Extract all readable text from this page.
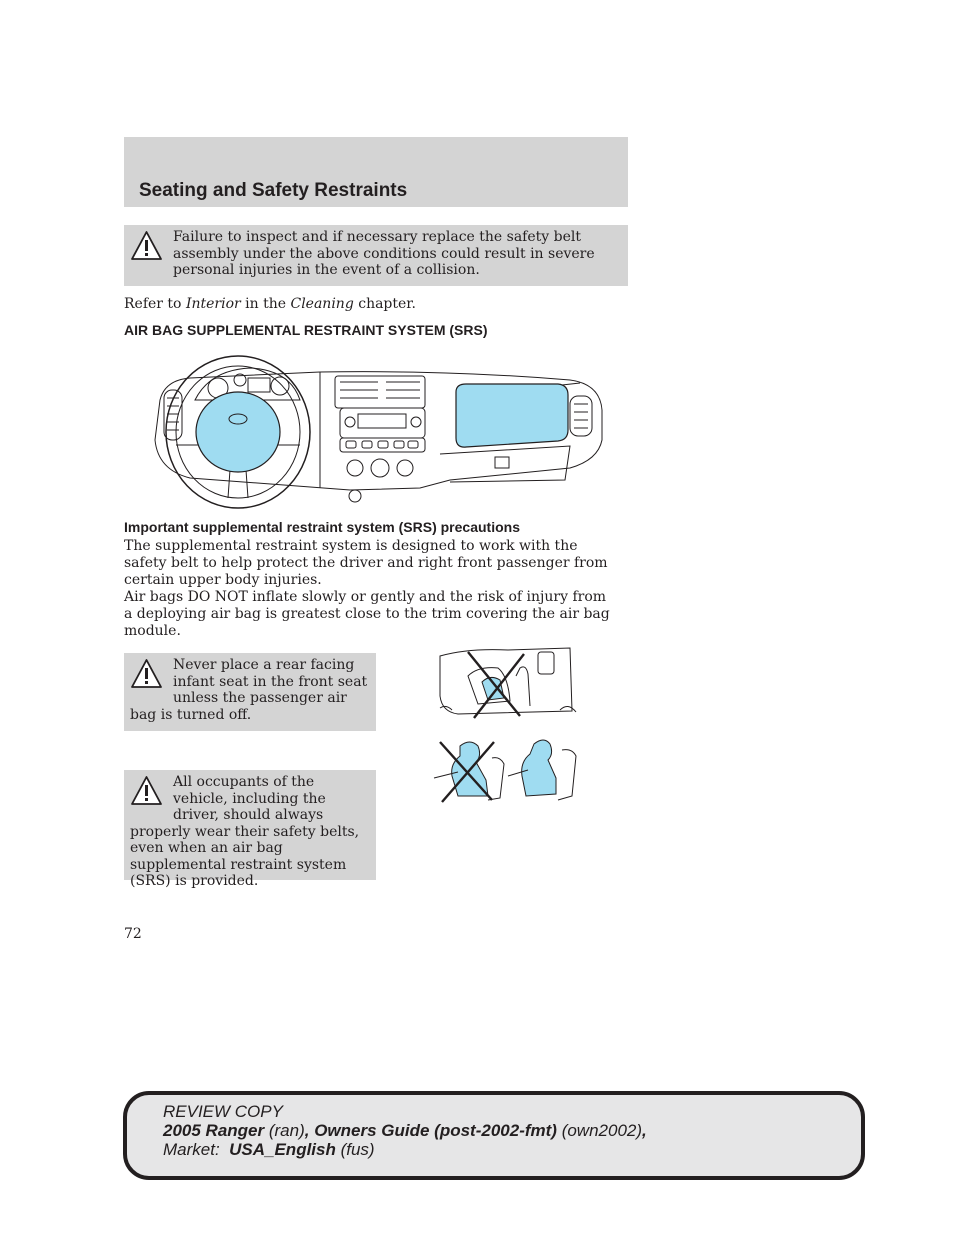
Seating and Safety Restraints
Failure to inspect and if necessary replace the safety belt assembly under the above conditions could result in severe personal injuries in the event of a collision.

Refer to Interior in the Cleaning chapter.

AIR BAG SUPPLEMENTAL RESTRAINT SYSTEM (SRS)
Important supplemental restraint system (SRS) precautions

The supplemental restraint system is designed to work with the safety belt to help protect the driver and right front passenger from certain upper body injuries.

Air bags DO NOT inflate slowly or gently and the risk of injury from a deploying air bag is greatest close to the trim covering the air bag module.

Never place a rear facing infant seat in the front seat unless the passenger air bag is turned off.
All occupants of the vehicle, including the driver, should always properly wear their safety belts, even when an air bag supplemental restraint system (SRS) is provided.

72

REVIEW COPY
2005 Ranger (ran), Owners Guide (post-2002-fmt) (own2002),
Market:  USA_English (fus)
